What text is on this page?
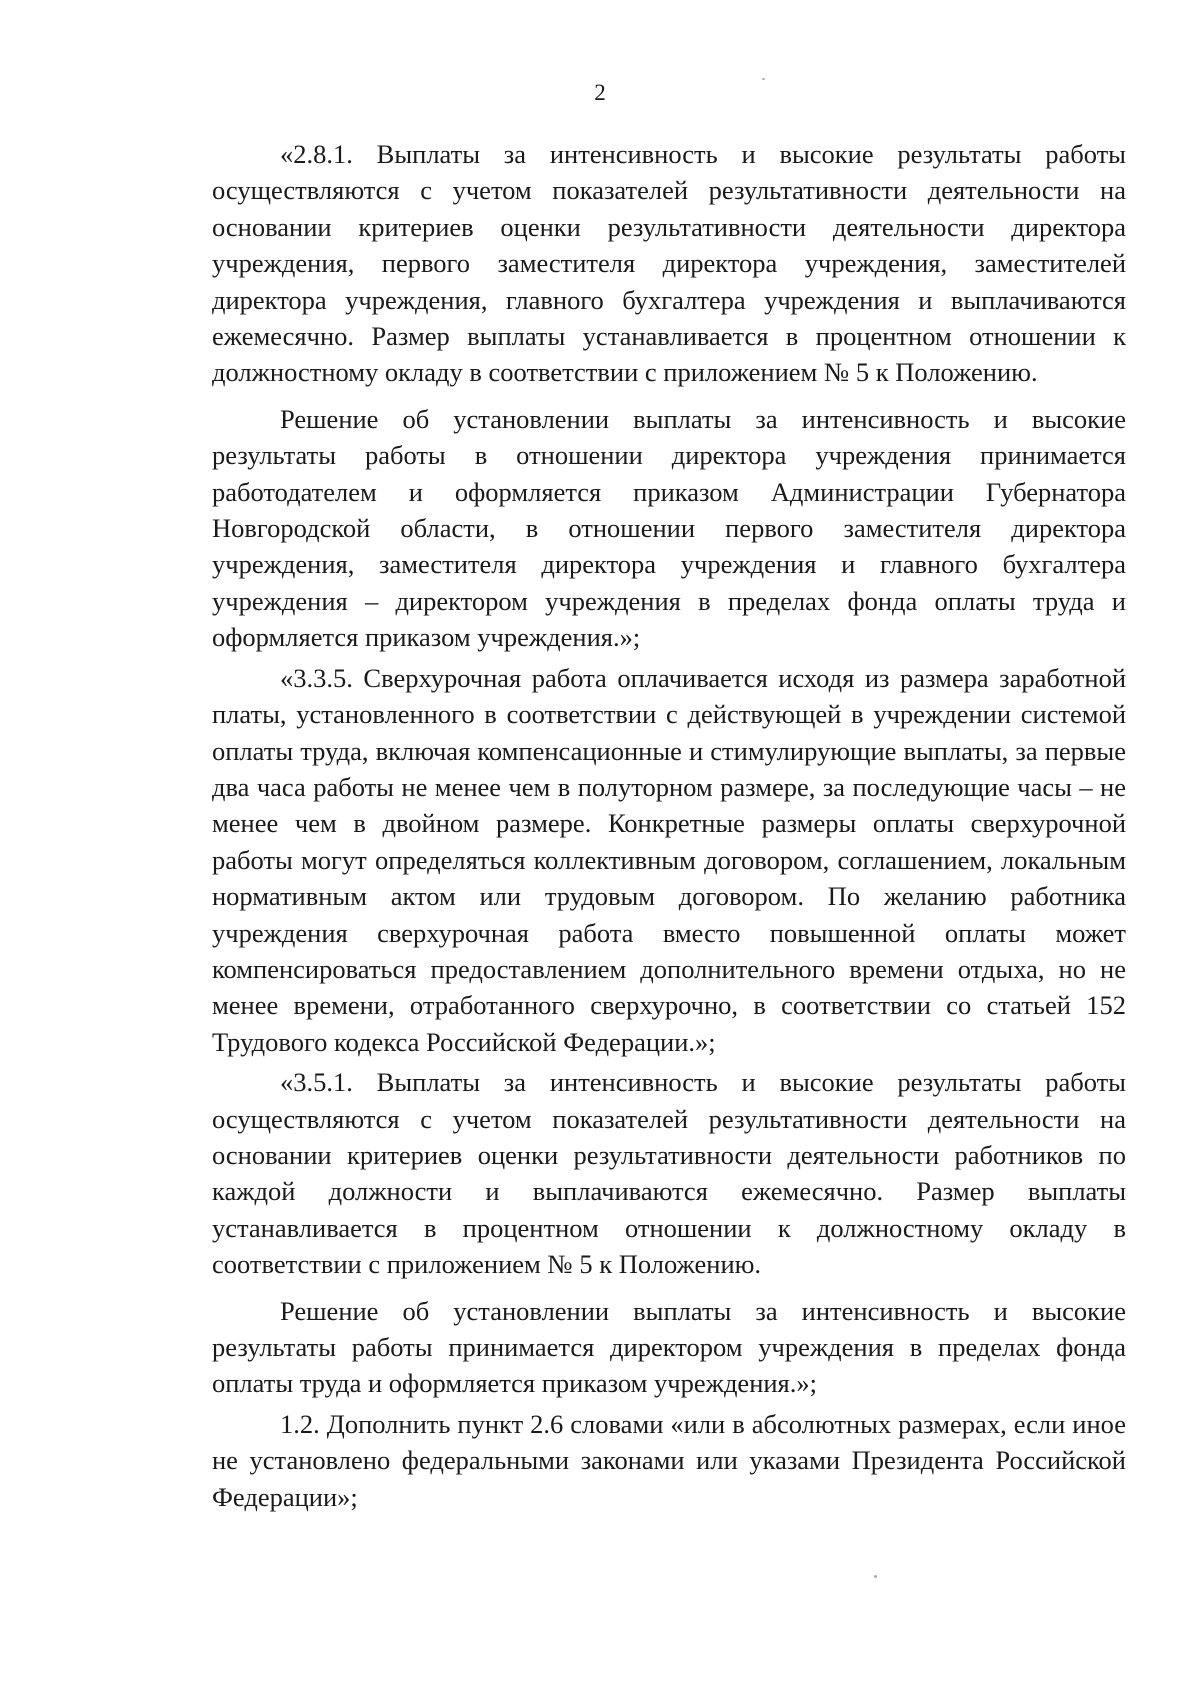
2

«2.8.1. Выплаты за интенсивность и высокие результаты работы осуществляются с учетом показателей результативности деятельности на основании критериев оценки результативности деятельности директора учреждения, первого заместителя директора учреждения, заместителей директора учреждения, главного бухгалтера учреждения и выплачиваются ежемесячно. Размер выплаты устанавливается в процентном отношении к должностному окладу в соответствии с приложением № 5 к Положению.

Решение об установлении выплаты за интенсивность и высокие результаты работы в отношении директора учреждения принимается работодателем и оформляется приказом Администрации Губернатора Новгородской области, в отношении первого заместителя директора учреждения, заместителя директора учреждения и главного бухгалтера учреждения – директором учреждения в пределах фонда оплаты труда и оформляется приказом учреждения.»;

«3.3.5. Сверхурочная работа оплачивается исходя из размера заработной платы, установленного в соответствии с действующей в учреждении системой оплаты труда, включая компенсационные и стимулирующие выплаты, за первые два часа работы не менее чем в полуторном размере, за последующие часы – не менее чем в двойном размере. Конкретные размеры оплаты сверхурочной работы могут определяться коллективным договором, соглашением, локальным нормативным актом или трудовым договором. По желанию работника учреждения сверхурочная работа вместо повышенной оплаты может компенсироваться предоставлением дополнительного времени отдыха, но не менее времени, отработанного сверхурочно, в соответствии со статьей 152 Трудового кодекса Российской Федерации.»;

«3.5.1. Выплаты за интенсивность и высокие результаты работы осуществляются с учетом показателей результативности деятельности на основании критериев оценки результативности деятельности работников по каждой должности и выплачиваются ежемесячно. Размер выплаты устанавливается в процентном отношении к должностному окладу в соответствии с приложением № 5 к Положению.

Решение об установлении выплаты за интенсивность и высокие результаты работы принимается директором учреждения в пределах фонда оплаты труда и оформляется приказом учреждения.»;

1.2. Дополнить пункт 2.6 словами «или в абсолютных размерах, если иное не установлено федеральными законами или указами Президента Российской Федерации»;
